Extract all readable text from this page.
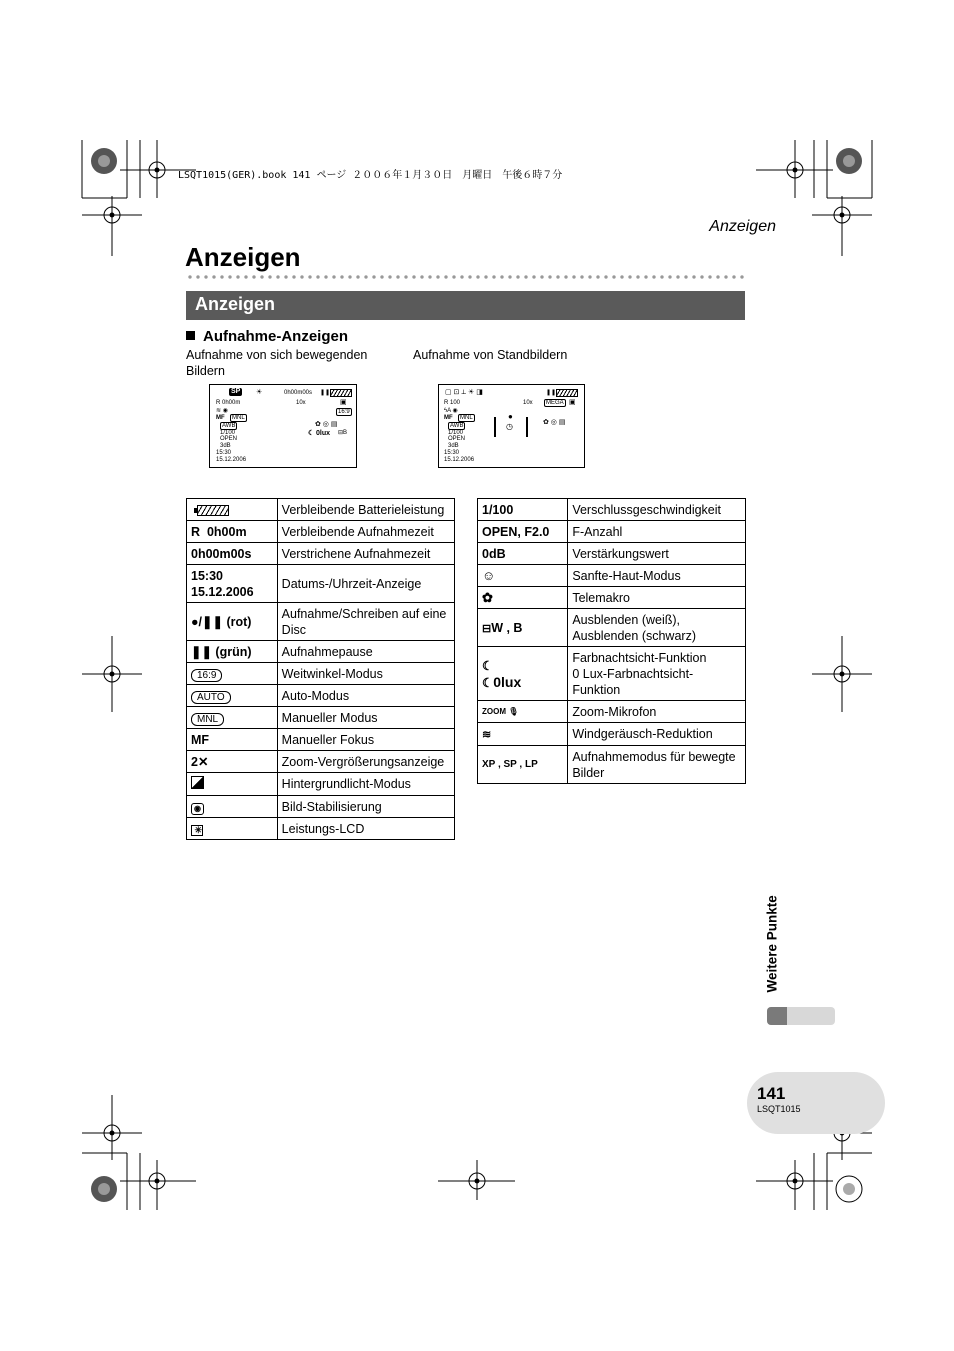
LSQT1015(GER).book 141 ページ ２００６年１月３０日　月曜日　午後６時７分
Anzeigen
Anzeigen
Anzeigen
Aufnahme-Anzeigen
Aufnahme von sich bewegenden Bildern
Aufnahme von Standbildern
SP ☀	0h00m00s ❚❚
R 0h00m	10x	▣
≋ ◉	16:9
MF	MNL
AWB	✿ ◎ ▤
1/100	☾ 0lux ⊟B
OPEN
3dB
15:30
15.12.2006
▢ ⊡ ⟂ ☀ ◨	❚❚
R 100	10x	MEGA ▣
ϟA ◉
MF	MNL	●
◷	✿ ◎ ▤
AWB
1/100
OPEN
3dB
15:30
15.12.2006
	Verbleibende Batterieleistung
R  0h00m	Verbleibende Aufnahmezeit
0h00m00s	Verstrichene Aufnahmezeit
15:30
15.12.2006	Datums-/Uhrzeit-Anzeige
●/❚❚ (rot)	Aufnahme/Schreiben auf eine Disc
❚❚ (grün)	Aufnahmepause
16:9	Weitwinkel-Modus
AUTO	Auto-Modus
MNL	Manueller Modus
MF	Manueller Fokus
2✕	Zoom-Vergrößerungsanzeige
	Hintergrundlicht-Modus
◉	Bild-Stabilisierung
✳	Leistungs-LCD
1/100	Verschlussgeschwindigkeit
OPEN, F2.0	F-Anzahl
0dB	Verstärkungswert
☺	Sanfte-Haut-Modus
✿	Telemakro
⊟W , B	Ausblenden (weiß), Ausblenden (schwarz)
☾
☾0lux	Farbnachtsicht-Funktion
0 Lux-Farbnachtsicht-Funktion
ZOOM 🎙	Zoom-Mikrofon
≋	Windgeräusch-Reduktion
XP , SP , LP	Aufnahmemodus für bewegte Bilder
Weitere Punkte
141
LSQT1015
